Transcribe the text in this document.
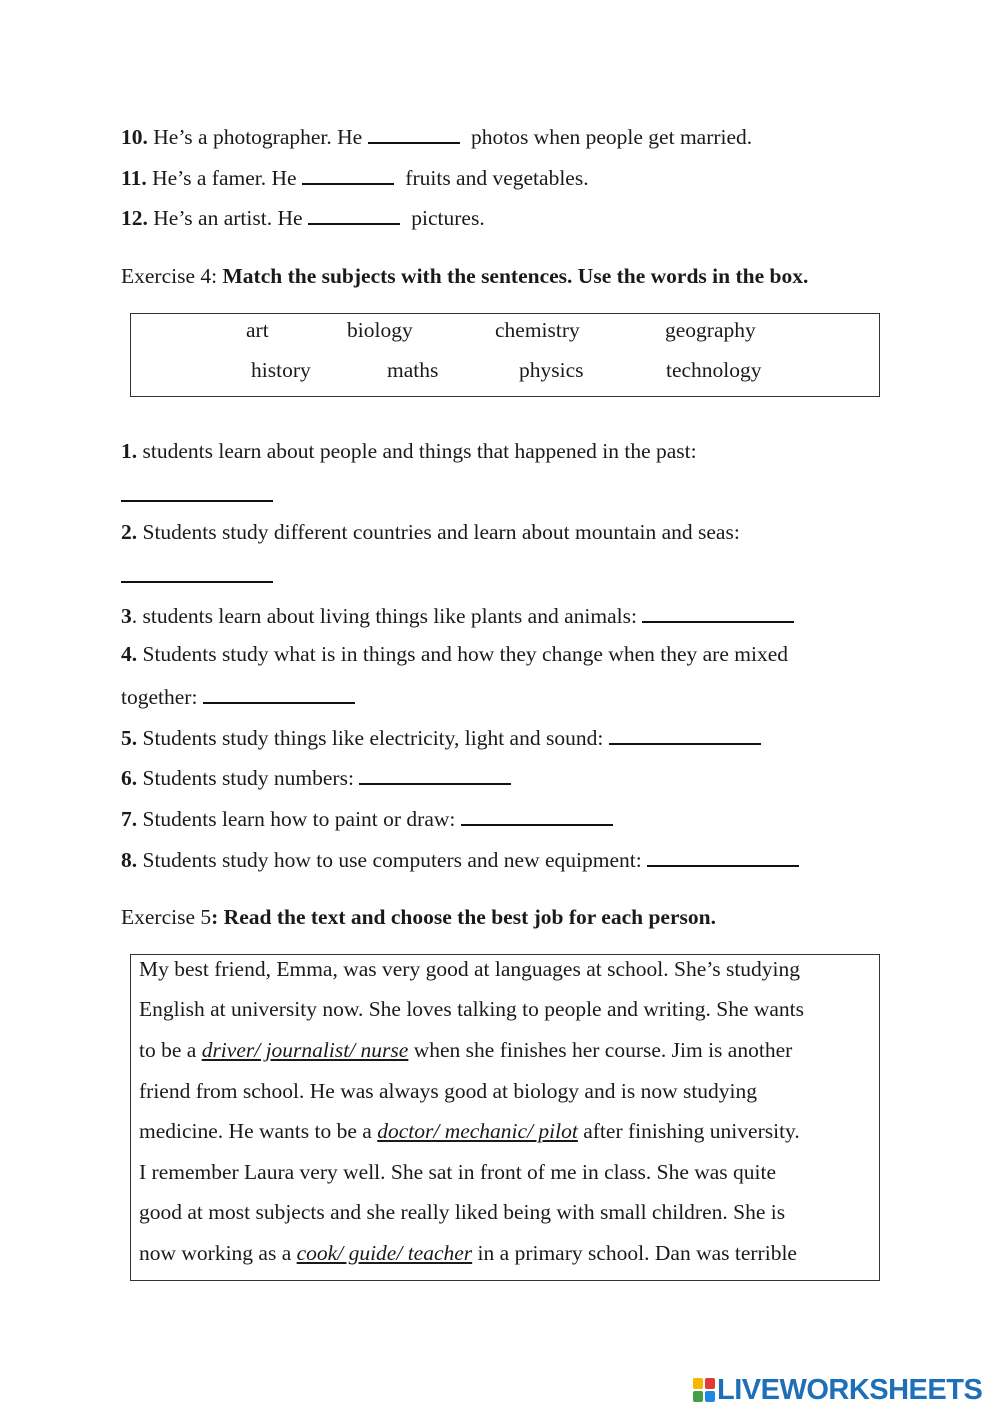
10. He’s a photographer. He	photos when people get married.
11. He’s a famer. He	fruits and vegetables.
12. He’s an artist. He	pictures.
Exercise 4: Match the subjects with the sentences. Use the words in the box.
art	biology	chemistry	geography
history	maths	physics	technology
1. students learn about people and things that happened in the past:
2. Students study different countries and learn about mountain and seas:
3. students learn about living things like plants and animals:
4. Students study what is in things and how they change when they are mixed
together:
5. Students study things like electricity, light and sound:
6. Students study numbers:
7. Students learn how to paint or draw:
8. Students study how to use computers and new equipment:
Exercise 5: Read the text and choose the best job for each person.
My best friend, Emma, was very good at languages at school. She’s studying
English at university now. She loves talking to people and writing. She wants
to be a driver/ journalist/ nurse when she finishes her course. Jim is another
friend from school. He was always good at biology and is now studying
medicine. He wants to be a doctor/ mechanic/ pilot after finishing university.
I remember Laura very well. She sat in front of me in class. She was quite
good at most subjects and she really liked being with small children. She is
now working as a cook/ guide/ teacher in a primary school. Dan was terrible
LIVEWORKSHEETS
